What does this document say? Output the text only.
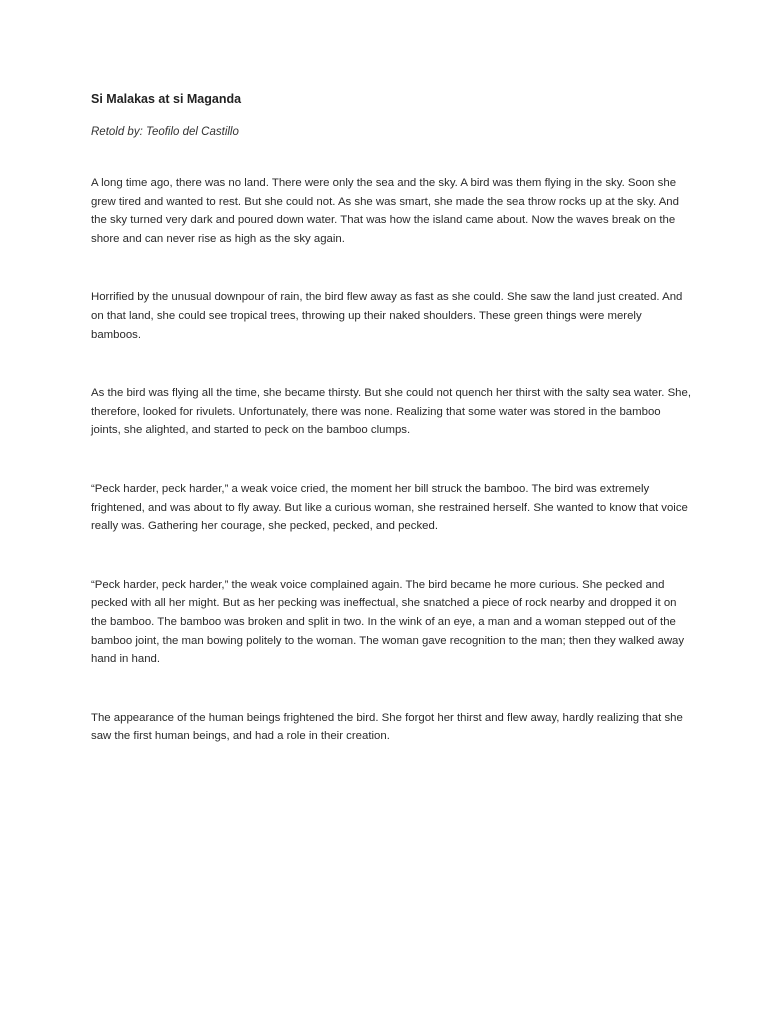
Si Malakas at si Maganda

Retold by: Teofilo del Castillo

A long time ago, there was no land. There were only the sea and the sky. A bird was them flying in the sky. Soon she grew tired and wanted to rest. But she could not. As she was smart, she made the sea throw rocks up at the sky. And the sky turned very dark and poured down water. That was how the island came about. Now the waves break on the shore and can never rise as high as the sky again.

Horrified by the unusual downpour of rain, the bird flew away as fast as she could. She saw the land just created. And on that land, she could see tropical trees, throwing up their naked shoulders. These green things were merely bamboos.

As the bird was flying all the time, she became thirsty. But she could not quench her thirst with the salty sea water. She, therefore, looked for rivulets. Unfortunately, there was none. Realizing that some water was stored in the bamboo joints, she alighted, and started to peck on the bamboo clumps.

“Peck harder, peck harder,” a weak voice cried, the moment her bill struck the bamboo. The bird was extremely frightened, and was about to fly away. But like a curious woman, she restrained herself. She wanted to know that voice really was. Gathering her courage, she pecked, pecked, and pecked.

“Peck harder, peck harder,” the weak voice complained again. The bird became he more curious. She pecked and pecked with all her might. But as her pecking was ineffectual, she snatched a piece of rock nearby and dropped it on the bamboo. The bamboo was broken and split in two. In the wink of an eye, a man and a woman stepped out of the bamboo joint, the man bowing politely to the woman. The woman gave recognition to the man; then they walked away hand in hand.

The appearance of the human beings frightened the bird. She forgot her thirst and flew away, hardly realizing that she saw the first human beings, and had a role in their creation.
